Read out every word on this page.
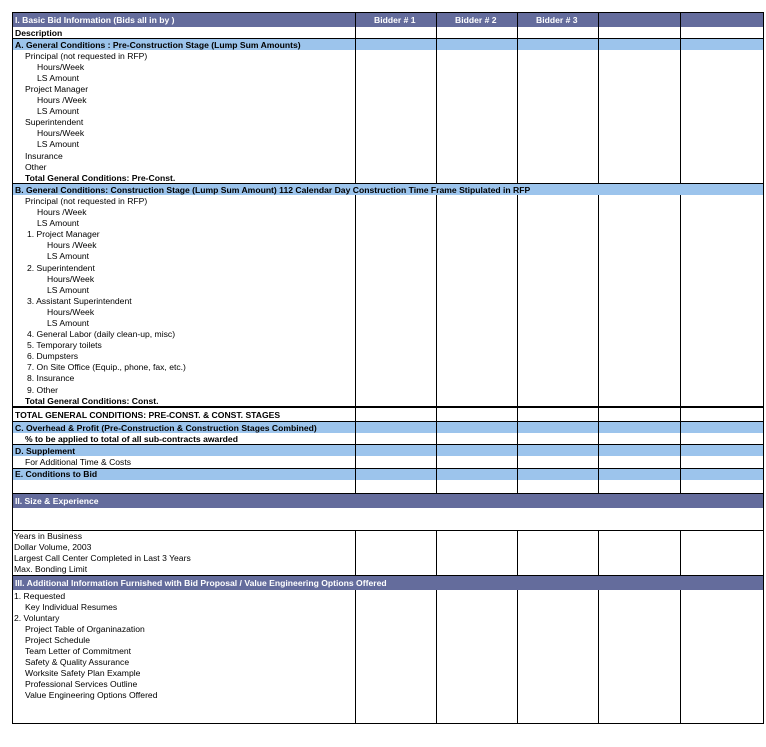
I. Basic Bid Information (Bids all in by )	Bidder # 1	Bidder # 2	Bidder # 3		
Description					
A. General Conditions : Pre-Construction Stage (Lump Sum Amounts)					
Principal (not requested in RFP)					
Hours/Week					
LS Amount					
Project Manager					
Hours /Week					
LS Amount					
Superintendent					
Hours/Week					
LS Amount					
Insurance					
Other					
Total General Conditions: Pre-Const.					
B. General Conditions: Construction Stage (Lump Sum Amount) 112 Calendar Day Construction Time Frame Stipulated in RFP					
Principal (not requested in RFP)					
Hours /Week					
LS Amount					
1. Project Manager					
Hours /Week					
LS Amount					
2. Superintendent					
Hours/Week					
LS Amount					
3. Assistant Superintendent					
Hours/Week					
LS Amount					
4. General Labor (daily clean-up, misc)					
5. Temporary toilets					
6. Dumpsters					
7. On Site Office (Equip., phone, fax, etc.)					
8. Insurance					
9. Other					
Total General Conditions: Const.					
TOTAL GENERAL CONDITIONS: PRE-CONST. & CONST. STAGES					
C. Overhead & Profit (Pre-Construction & Construction Stages Combined)					
% to be applied to total of all sub-contracts awarded					
D. Supplement					
For Additional Time & Costs					
E. Conditions to Bid					

II. Size & Experience					

Years in Business					
Dollar Volume, 2003					
Largest Call Center Completed in Last 3 Years					
Max. Bonding Limit					
III. Additional Information Furnished with Bid Proposal / Value Engineering Options Offered					
1. Requested					
Key Individual Resumes					
2. Voluntary					
Project Table of Organinazation					
Project Schedule					
Team Letter of Commitment					
Safety & Quality Assurance					
Worksite Safety Plan Example					
Professional Services Outline					
Value Engineering Options Offered					
